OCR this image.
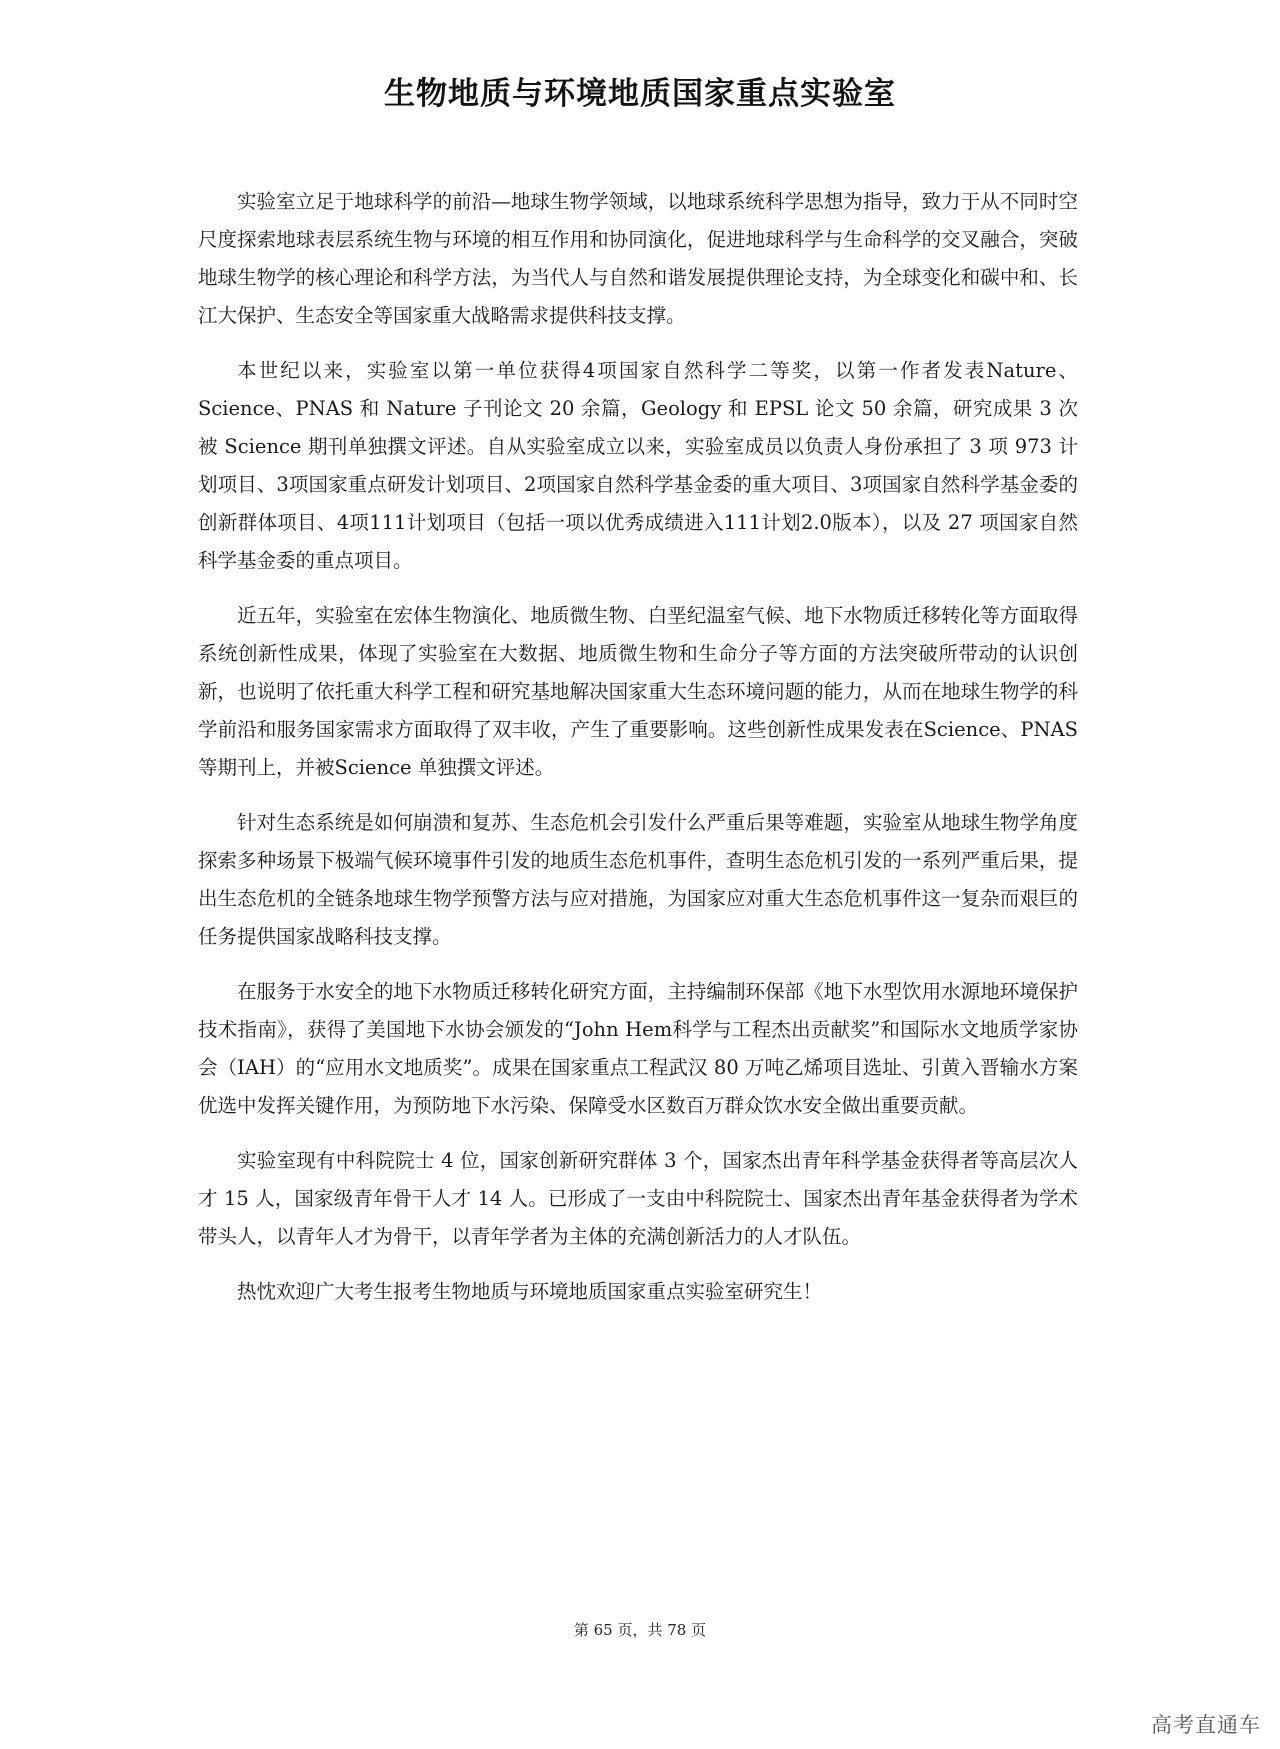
生物地质与环境地质国家重点实验室

实验室立足于地球科学的前沿—地球生物学领域，以地球系统科学思想为指导，致力于从不同时空尺度探索地球表层系统生物与环境的相互作用和协同演化，促进地球科学与生命科学的交叉融合，突破地球生物学的核心理论和科学方法，为当代人与自然和谐发展提供理论支持，为全球变化和碳中和、长江大保护、生态安全等国家重大战略需求提供科技支撑。

本世纪以来，实验室以第一单位获得4项国家自然科学二等奖，以第一作者发表Nature、Science、PNAS 和 Nature 子刊论文 20 余篇，Geology 和 EPSL 论文 50 余篇，研究成果 3 次被 Science 期刊单独撰文评述。自从实验室成立以来，实验室成员以负责人身份承担了 3 项 973 计划项目、3项国家重点研发计划项目、2项国家自然科学基金委的重大项目、3项国家自然科学基金委的创新群体项目、4项111计划项目（包括一项以优秀成绩进入111计划2.0版本），以及 27 项国家自然科学基金委的重点项目。

近五年，实验室在宏体生物演化、地质微生物、白垩纪温室气候、地下水物质迁移转化等方面取得系统创新性成果，体现了实验室在大数据、地质微生物和生命分子等方面的方法突破所带动的认识创新，也说明了依托重大科学工程和研究基地解决国家重大生态环境问题的能力，从而在地球生物学的科学前沿和服务国家需求方面取得了双丰收，产生了重要影响。这些创新性成果发表在Science、PNAS 等期刊上，并被Science 单独撰文评述。

针对生态系统是如何崩溃和复苏、生态危机会引发什么严重后果等难题，实验室从地球生物学角度探索多种场景下极端气候环境事件引发的地质生态危机事件，查明生态危机引发的一系列严重后果，提出生态危机的全链条地球生物学预警方法与应对措施，为国家应对重大生态危机事件这一复杂而艰巨的任务提供国家战略科技支撑。

在服务于水安全的地下水物质迁移转化研究方面，主持编制环保部《地下水型饮用水源地环境保护技术指南》，获得了美国地下水协会颁发的“John Hem科学与工程杰出贡献奖”和国际水文地质学家协会（IAH）的“应用水文地质奖”。成果在国家重点工程武汉 80 万吨乙烯项目选址、引黄入晋输水方案优选中发挥关键作用，为预防地下水污染、保障受水区数百万群众饮水安全做出重要贡献。

实验室现有中科院院士 4 位，国家创新研究群体 3 个，国家杰出青年科学基金获得者等高层次人才 15 人，国家级青年骨干人才 14 人。已形成了一支由中科院院士、国家杰出青年基金获得者为学术带头人，以青年人才为骨干，以青年学者为主体的充满创新活力的人才队伍。

热忱欢迎广大考生报考生物地质与环境地质国家重点实验室研究生！

第 65 页，共 78 页
高考直通车
